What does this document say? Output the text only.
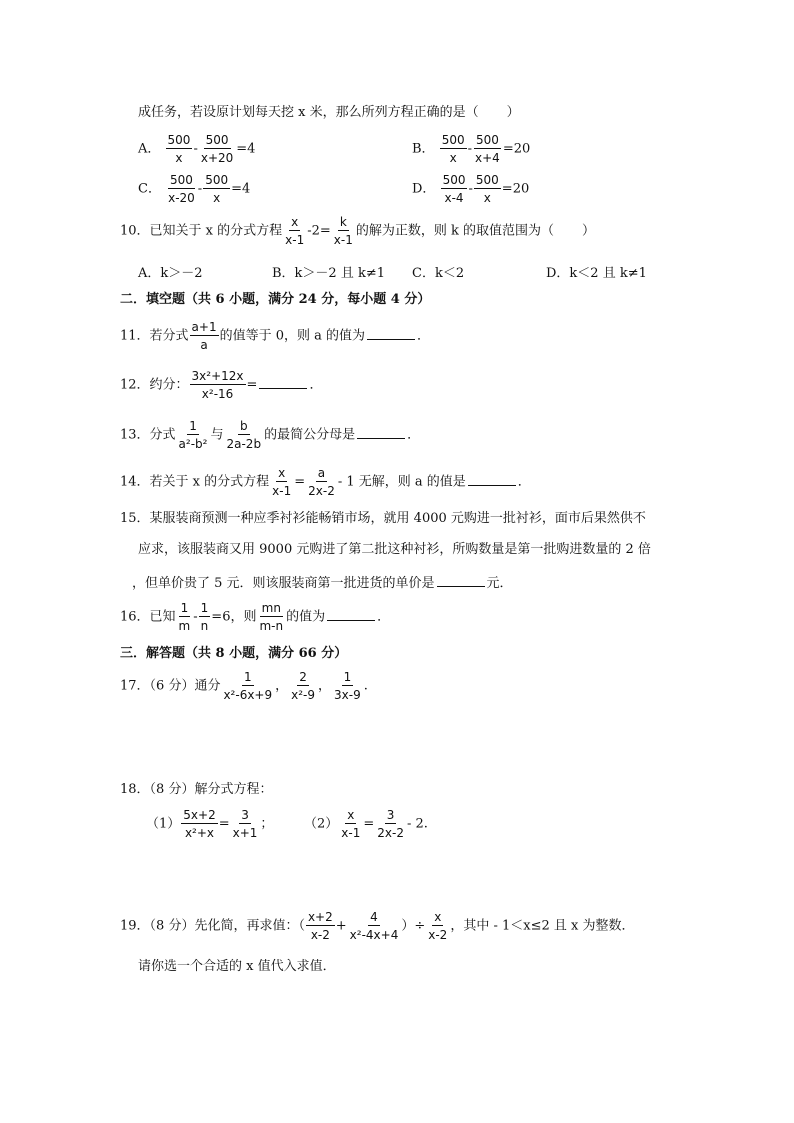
成任务，若设原计划每天挖 x 米，那么所列方程正确的是（ ）
A． $\frac{500}{x} - \frac{500}{x+20} =4$	B． $\frac{500}{x} - \frac{500}{x+4} =20$
C． $\frac{500}{x-20} - \frac{500}{x} =4$	D． $\frac{500}{x-4} - \frac{500}{x} =20$
10．已知关于 x 的分式方程 $\frac{x}{x-1} -2= \frac{k}{x-1}$ 的解为正数，则 k 的取值范围为（ ）
A．k＞－2	B．k＞－2 且 k≠1 C．k＜2	D．k＜2 且 k≠1
二．填空题（共 6 小题，满分 24 分，每小题 4 分）
11．若分式 $\frac{a+1}{a}$ 的值等于 0，则 a 的值为	．
12．约分： $\frac{\text{3x²+12x}}{\text{x²-16}}$ =	．
13．分式 $\frac{1}{\text{a²-b²}}$ 与 $\frac{b}{2a-2b}$ 的最简公分母是	．
14．若关于 x 的分式方程 $\frac{x}{x-1} = \frac{a}{2x-2} - 1$ 无解，则 a 的值是	．
15．某服装商预测一种应季衬衫能畅销市场，就用 4000 元购进一批衬衫，面市后果然供不
应求，该服装商又用 9000 元购进了第二批这种衬衫，所购数量是第一批购进数量的 2 倍
，但单价贵了 5 元．则该服装商第一批进货的单价是	元．
16．已知 $\frac{1}{m} - \frac{1}{n} =6$，则 $\frac{mn}{m-n}$ 的值为	．
三．解答题（共 8 小题，满分 66 分）
17．（6 分）通分 $\frac{1}{\text{x²-6x+9}}$ ， $\frac{2}{\text{x²-9}}$ ， $\frac{1}{3x-9}$ .
18．（8 分）解分式方程：
$(1) \frac{5x+2}{\text{x²+x}} = \frac{3}{x+1}$ ； $(2) \frac{x}{x-1} = \frac{3}{2x-2} - 2$.
19．（8 分）先化简，再求值：（ $\frac{x+2}{x-2} + \frac{4}{\text{x²-4x+4}}$ ）÷ $\frac{x}{x-2}$ ，其中 - 1＜x≤2 且 x 为整数．
请你选一个合适的 x 值代入求值．
